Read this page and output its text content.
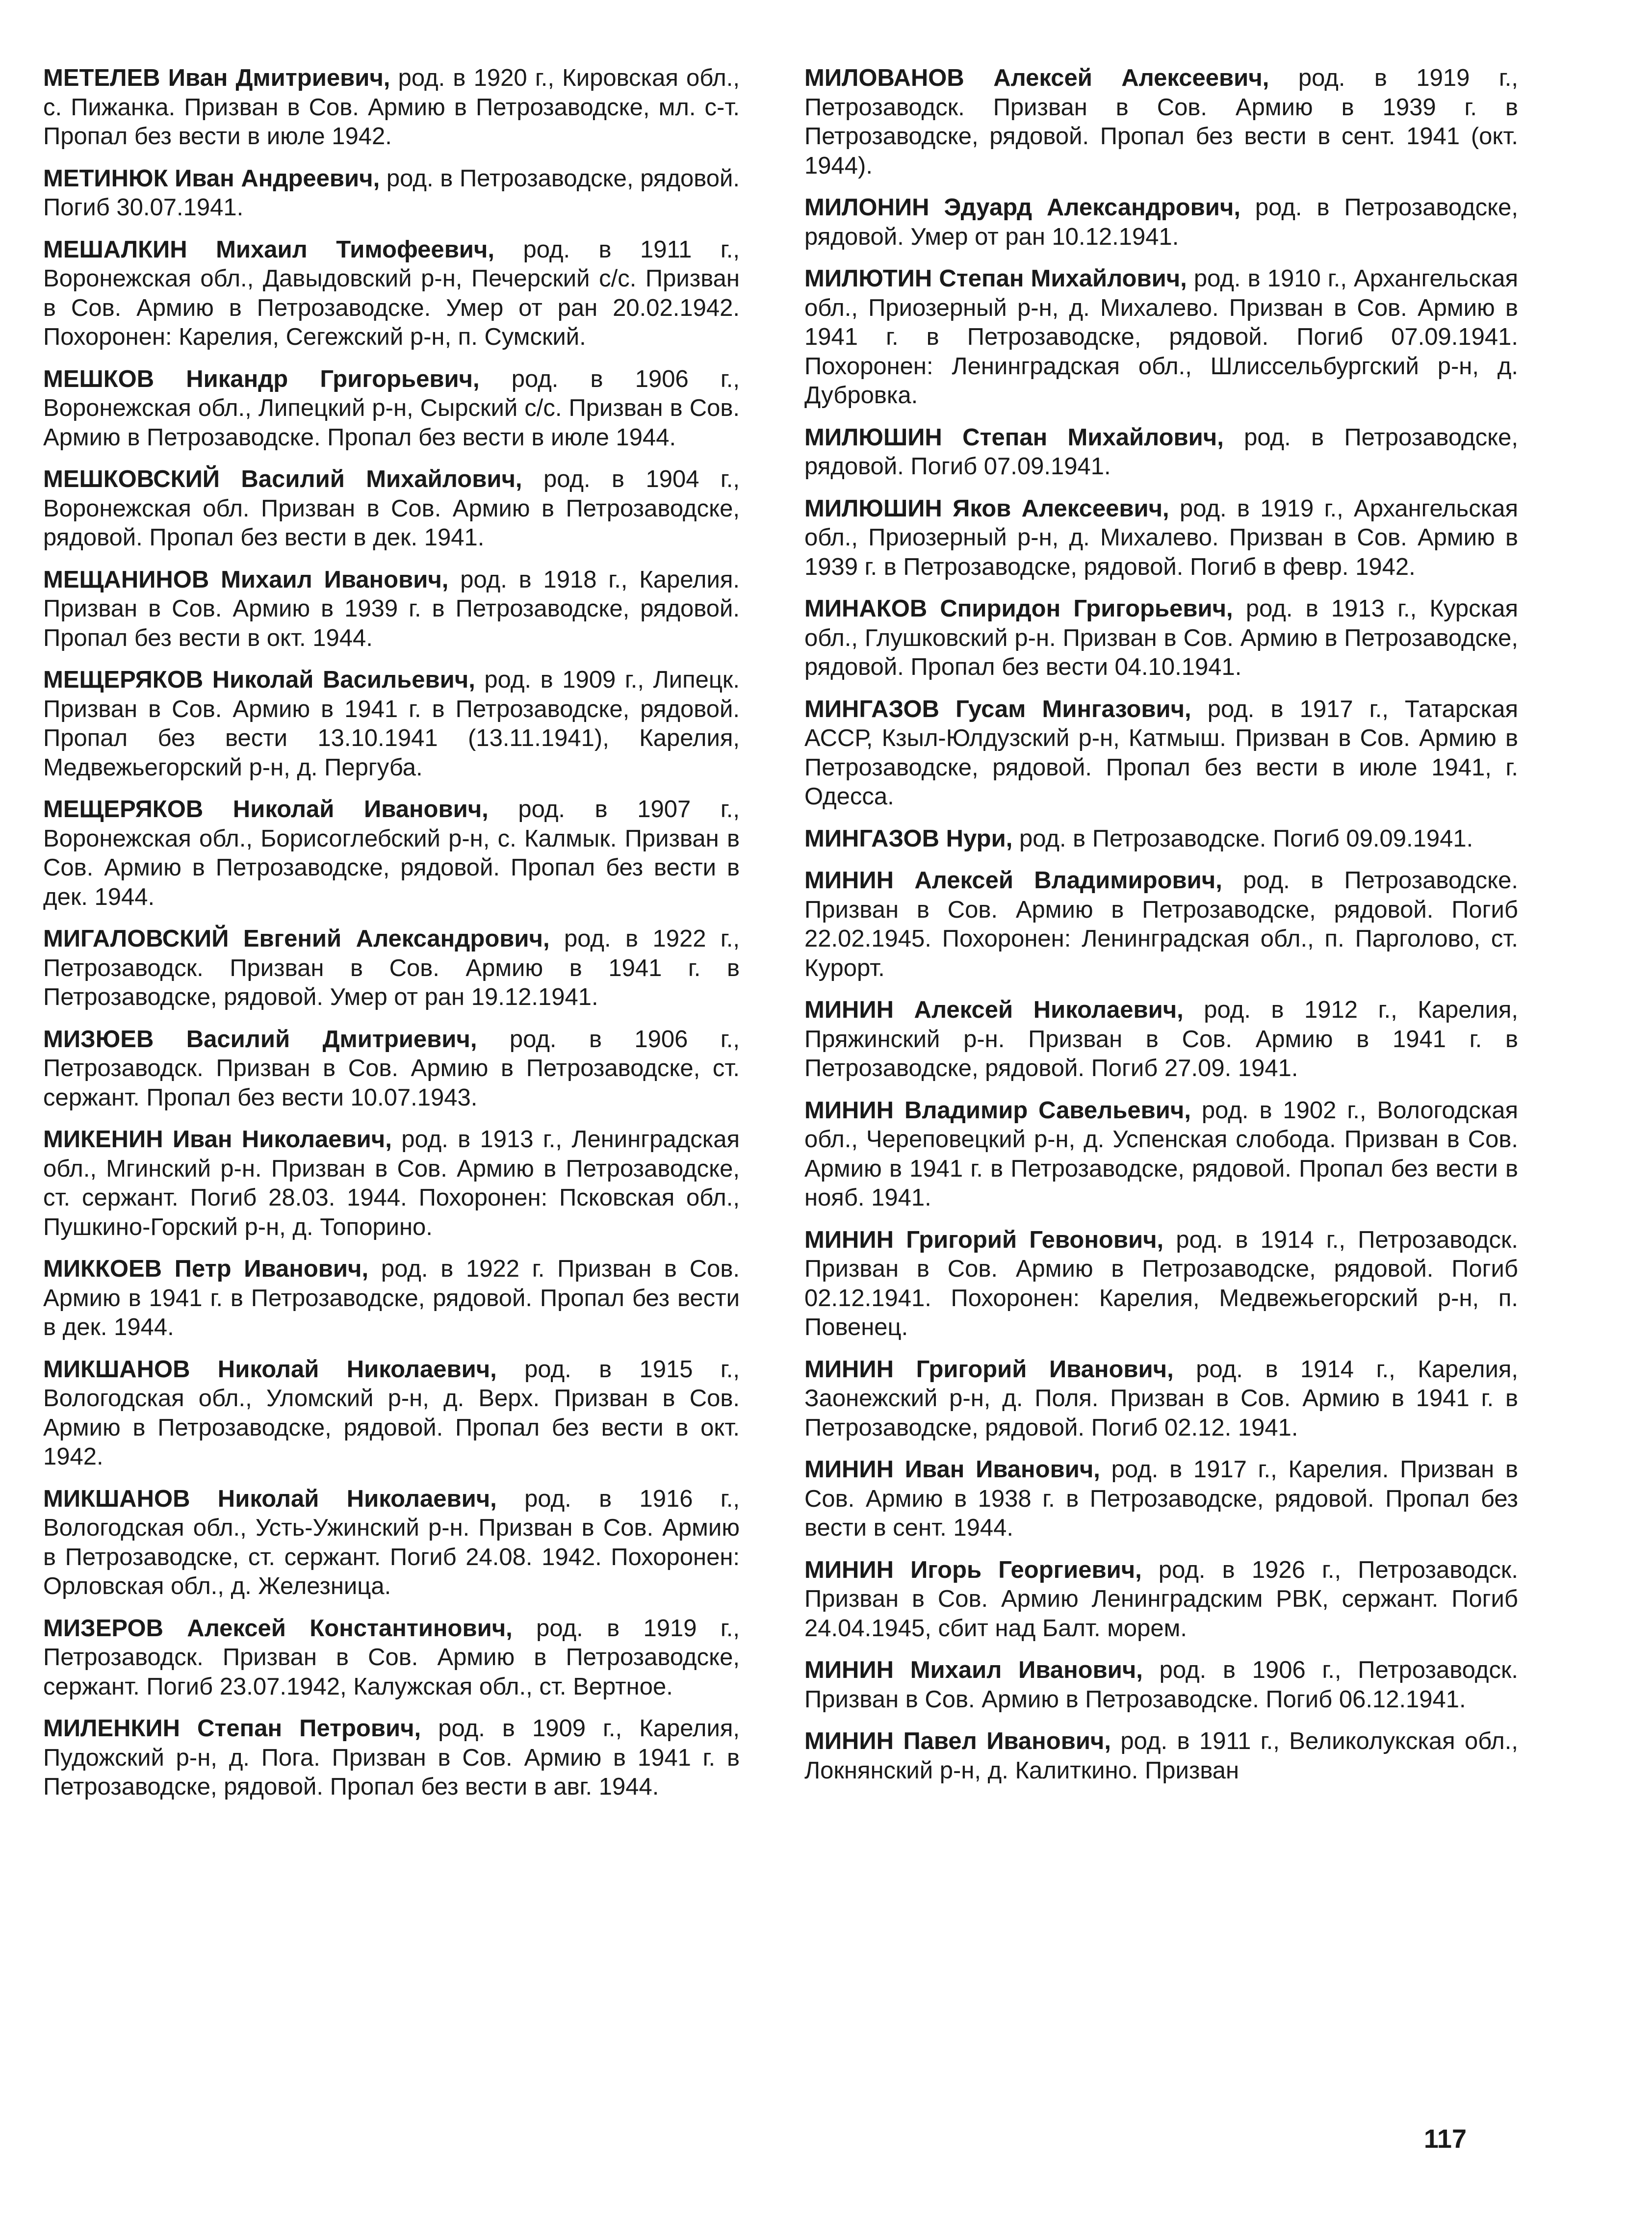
МЕТЕЛЕВ Иван Дмитриевич, род. в 1920 г., Кировская обл., с. Пижанка. Призван в Сов. Армию в Петрозаводске, мл. с-т. Пропал без вести в июле 1942.

МЕТИНЮК Иван Андреевич, род. в Петрозаводске, рядовой. Погиб 30.07.1941.

МЕШАЛКИН Михаил Тимофеевич, род. в 1911 г., Воронежская обл., Давыдовский р-н, Печерский с/с. Призван в Сов. Армию в Петрозаводске. Умер от ран 20.02.1942. Похоронен: Карелия, Сегежский р-н, п. Сумский.

МЕШКОВ Никандр Григорьевич, род. в 1906 г., Воронежская обл., Липецкий р-н, Сырский с/с. Призван в Сов. Армию в Петрозаводске. Пропал без вести в июле 1944.

МЕШКОВСКИЙ Василий Михайлович, род. в 1904 г., Воронежская обл. Призван в Сов. Армию в Петрозаводске, рядовой. Пропал без вести в дек. 1941.

МЕЩАНИНОВ Михаил Иванович, род. в 1918 г., Карелия. Призван в Сов. Армию в 1939 г. в Петрозаводске, рядовой. Пропал без вести в окт. 1944.

МЕЩЕРЯКОВ Николай Васильевич, род. в 1909 г., Липецк. Призван в Сов. Армию в 1941 г. в Петрозаводске, рядовой. Пропал без вести 13.10.1941 (13.11.1941), Карелия, Медвежьегорский р-н, д. Пергуба.

МЕЩЕРЯКОВ Николай Иванович, род. в 1907 г., Воронежская обл., Борисоглебский р-н, с. Калмык. Призван в Сов. Армию в Петрозаводске, рядовой. Пропал без вести в дек. 1944.

МИГАЛОВСКИЙ Евгений Александрович, род. в 1922 г., Петрозаводск. Призван в Сов. Армию в 1941 г. в Петрозаводске, рядовой. Умер от ран 19.12.1941.

МИЗЮЕВ Василий Дмитриевич, род. в 1906 г., Петрозаводск. Призван в Сов. Армию в Петрозаводске, ст. сержант. Пропал без вести 10.07.1943.

МИКЕНИН Иван Николаевич, род. в 1913 г., Ленинградская обл., Мгинский р-н. Призван в Сов. Армию в Петрозаводске, ст. сержант. Погиб 28.03. 1944. Похоронен: Псковская обл., Пушкино-Горский р-н, д. Топорино.

МИККОЕВ Петр Иванович, род. в 1922 г. Призван в Сов. Армию в 1941 г. в Петрозаводске, рядовой. Пропал без вести в дек. 1944.

МИКШАНОВ Николай Николаевич, род. в 1915 г., Вологодская обл., Уломский р-н, д. Верх. Призван в Сов. Армию в Петрозаводске, рядовой. Пропал без вести в окт. 1942.

МИКШАНОВ Николай Николаевич, род. в 1916 г., Вологодская обл., Усть-Ужинский р-н. Призван в Сов. Армию в Петрозаводске, ст. сержант. Погиб 24.08. 1942. Похоронен: Орловская обл., д. Железница.

МИЗЕРОВ Алексей Константинович, род. в 1919 г., Петрозаводск. Призван в Сов. Армию в Петрозаводске, сержант. Погиб 23.07.1942, Калужская обл., ст. Вертное.

МИЛЕНКИН Степан Петрович, род. в 1909 г., Карелия, Пудожский р-н, д. Пога. Призван в Сов. Армию в 1941 г. в Петрозаводске, рядовой. Пропал без вести в авг. 1944.

МИЛОВАНОВ Алексей Алексеевич, род. в 1919 г., Петрозаводск. Призван в Сов. Армию в 1939 г. в Петрозаводске, рядовой. Пропал без вести в сент. 1941 (окт. 1944).

МИЛОНИН Эдуард Александрович, род. в Петрозаводске, рядовой. Умер от ран 10.12.1941.

МИЛЮТИН Степан Михайлович, род. в 1910 г., Архангельская обл., Приозерный р-н, д. Михалево. Призван в Сов. Армию в 1941 г. в Петрозаводске, рядовой. Погиб 07.09.1941. Похоронен: Ленинградская обл., Шлиссельбургский р-н, д. Дубровка.

МИЛЮШИН Степан Михайлович, род. в Петрозаводске, рядовой. Погиб 07.09.1941.

МИЛЮШИН Яков Алексеевич, род. в 1919 г., Архангельская обл., Приозерный р-н, д. Михалево. Призван в Сов. Армию в 1939 г. в Петрозаводске, рядовой. Погиб в февр. 1942.

МИНАКОВ Спиридон Григорьевич, род. в 1913 г., Курская обл., Глушковский р-н. Призван в Сов. Армию в Петрозаводске, рядовой. Пропал без вести 04.10.1941.

МИНГАЗОВ Гусам Мингазович, род. в 1917 г., Татарская АССР, Кзыл-Юлдузский р-н, Катмыш. Призван в Сов. Армию в Петрозаводске, рядовой. Пропал без вести в июле 1941, г. Одесса.

МИНГАЗОВ Нури, род. в Петрозаводске. Погиб 09.09.1941.

МИНИН Алексей Владимирович, род. в Петрозаводске. Призван в Сов. Армию в Петрозаводске, рядовой. Погиб 22.02.1945. Похоронен: Ленинградская обл., п. Парголово, ст. Курорт.

МИНИН Алексей Николаевич, род. в 1912 г., Карелия, Пряжинский р-н. Призван в Сов. Армию в 1941 г. в Петрозаводске, рядовой. Погиб 27.09. 1941.

МИНИН Владимир Савельевич, род. в 1902 г., Вологодская обл., Череповецкий р-н, д. Успенская слобода. Призван в Сов. Армию в 1941 г. в Петрозаводске, рядовой. Пропал без вести в нояб. 1941.

МИНИН Григорий Гевонович, род. в 1914 г., Петрозаводск. Призван в Сов. Армию в Петрозаводске, рядовой. Погиб 02.12.1941. Похоронен: Карелия, Медвежьегорский р-н, п. Повенец.

МИНИН Григорий Иванович, род. в 1914 г., Карелия, Заонежский р-н, д. Поля. Призван в Сов. Армию в 1941 г. в Петрозаводске, рядовой. Погиб 02.12. 1941.

МИНИН Иван Иванович, род. в 1917 г., Карелия. Призван в Сов. Армию в 1938 г. в Петрозаводске, рядовой. Пропал без вести в сент. 1944.

МИНИН Игорь Георгиевич, род. в 1926 г., Петрозаводск. Призван в Сов. Армию Ленинградским РВК, сержант. Погиб 24.04.1945, сбит над Балт. морем.

МИНИН Михаил Иванович, род. в 1906 г., Петрозаводск. Призван в Сов. Армию в Петрозаводске. Погиб 06.12.1941.

МИНИН Павел Иванович, род. в 1911 г., Великолукская обл., Локнянский р-н, д. Калиткино. Призван

117
